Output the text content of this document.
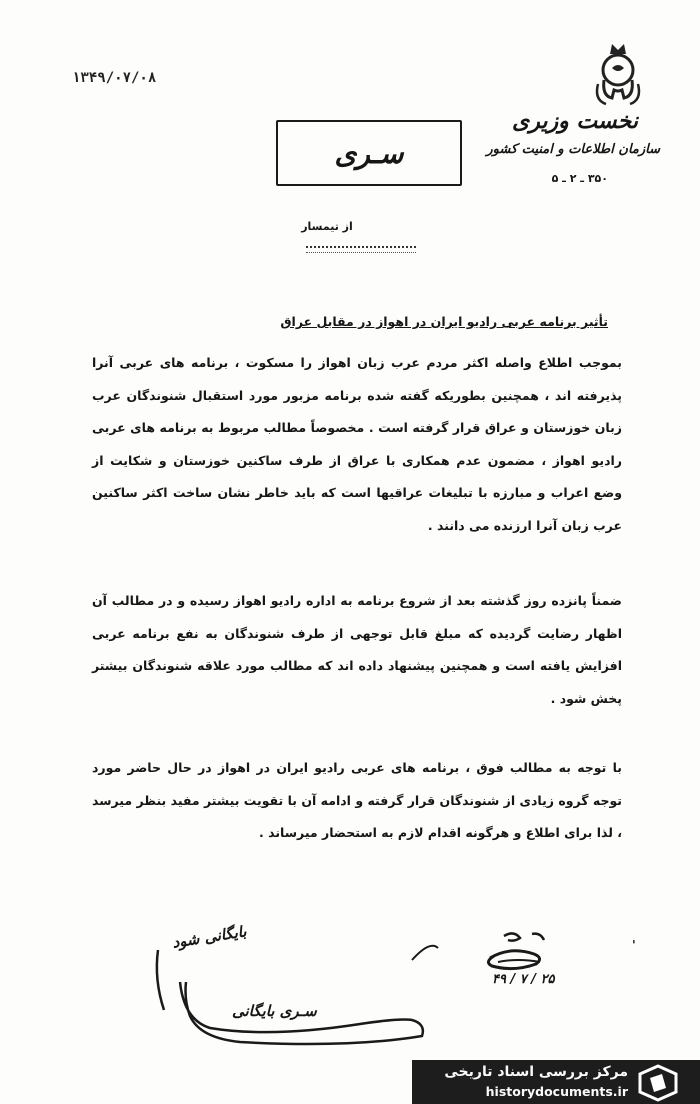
۱۳۴۹/۰۷/۰۸
نخست وزیری
سازمان اطلاعات و امنیت کشور
۳۵۰ ـ ۲ ـ ۵
سـری
از تیمسار
تأثیر برنامه عربی رادیو ایران در اهواز در مقابل عراق
بموجب اطلاع واصله اکثر مردم عرب زبان اهواز را مسکوت ، برنامه های عربی آنرا پذیرفته اند ، همچنین بطوریکه گفته شده برنامه مزبور مورد استقبال شنوندگان عرب زبان خوزستان و عراق قرار گرفته است . مخصوصاً مطالب مربوط به برنامه های عربی رادیو اهواز ، مضمون عدم همکاری با عراق از طرف ساکنین خوزستان و شکایت از وضع اعراب و مبارزه با تبلیغات عراقیها است که باید خاطر نشان ساخت اکثر ساکنین عرب زبان آنرا ارزنده می دانند .
ضمناً پانزده روز گذشته بعد از شروع برنامه به اداره رادیو اهواز رسیده و در مطالب آن اظهار رضایت گردیده که مبلغ قابل توجهی از طرف شنوندگان به نفع برنامه عربی افزایش یافته است و همچنین پیشنهاد داده اند که مطالب مورد علاقه شنوندگان بیشتر پخش شود .
با توجه به مطالب فوق ، برنامه های عربی رادیو ایران در اهواز در حال حاضر مورد توجه گروه زیادی از شنوندگان قرار گرفته و ادامه آن با تقویت بیشتر مفید بنظر میرسد ، لذا برای اطلاع و هرگونه اقدام لازم به استحضار میرساند .
'
۲۵ / ۷ / ۴۹
بایگانی شود
سـری بایگانی
مرکز بررسی اسناد تاریخی
historydocuments.ir
